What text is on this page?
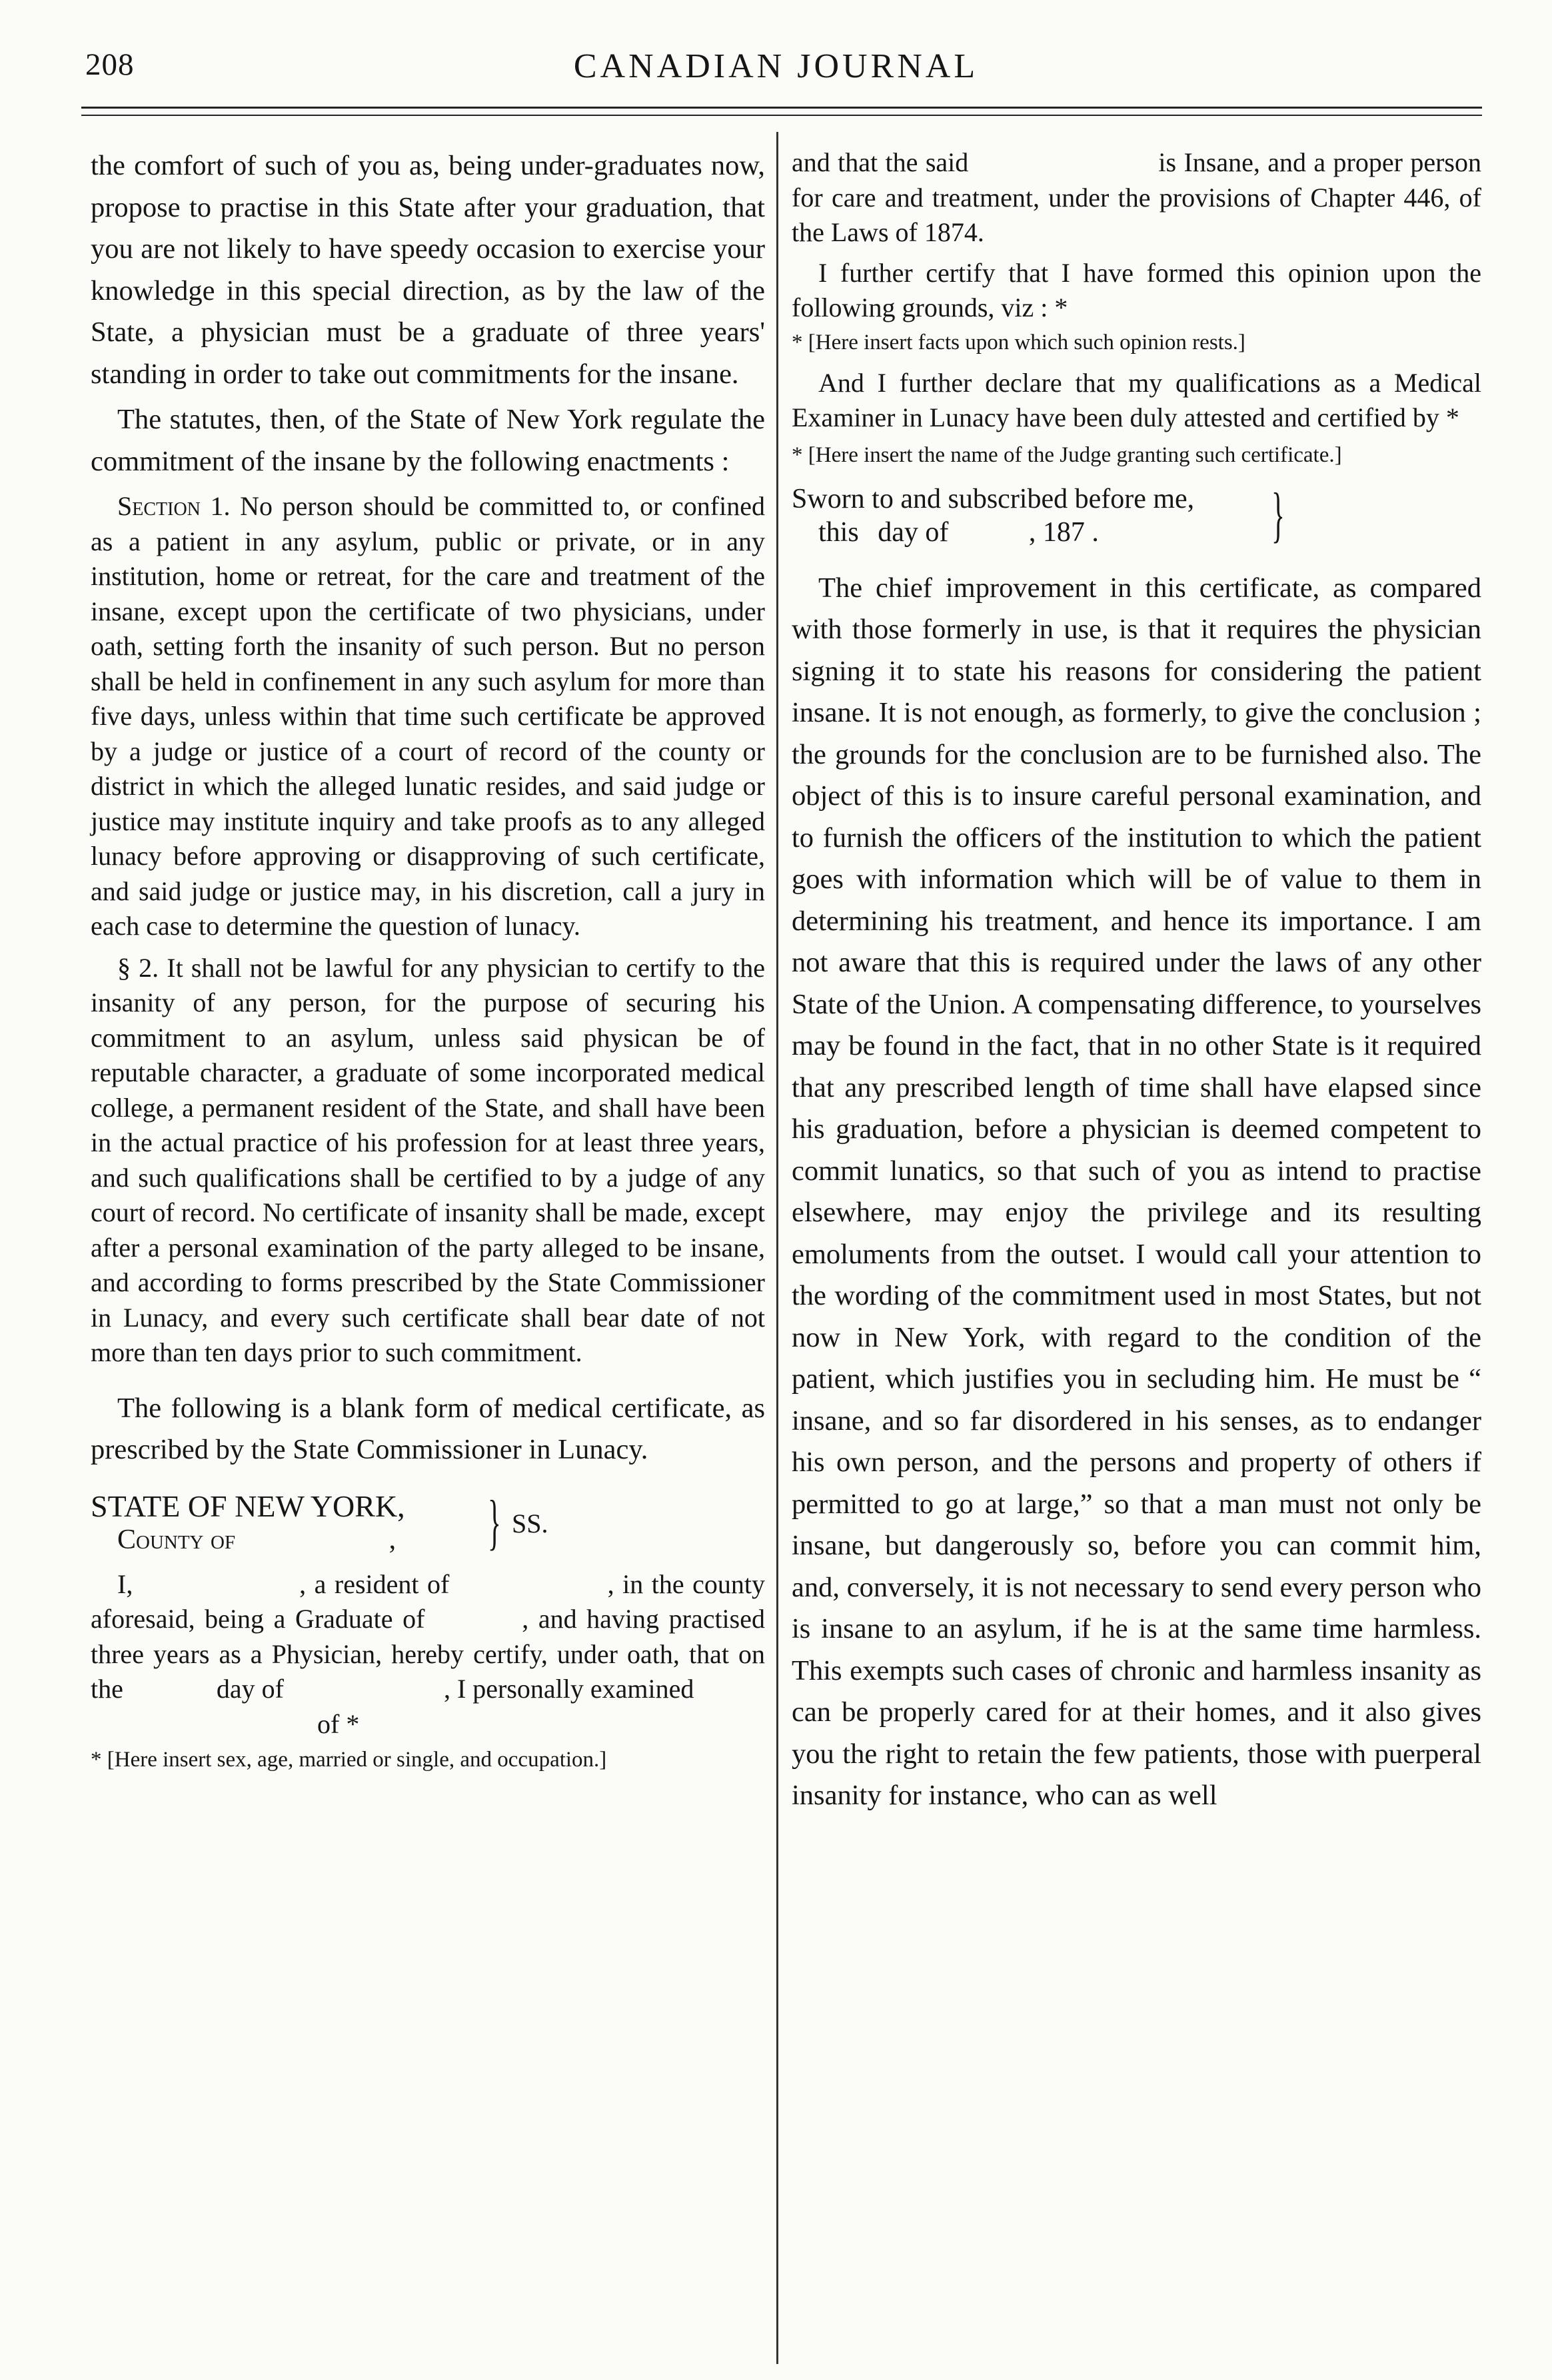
208	CANADIAN JOURNAL

the comfort of such of you as, being under-graduates now, propose to practise in this State after your graduation, that you are not likely to have speedy occasion to exercise your knowledge in this special direction, as by the law of the State, a physician must be a graduate of three years' standing in order to take out commitments for the insane.

The statutes, then, of the State of New York regulate the commitment of the insane by the following enactments :

Section 1. No person should be committed to, or confined as a patient in any asylum, public or private, or in any institution, home or retreat, for the care and treatment of the insane, except upon the certificate of two physicians, under oath, setting forth the insanity of such person. But no person shall be held in confinement in any such asylum for more than five days, unless within that time such certificate be approved by a judge or justice of a court of record of the county or district in which the alleged lunatic resides, and said judge or justice may institute inquiry and take proofs as to any alleged lunacy before approving or disapproving of such certificate, and said judge or justice may, in his discretion, call a jury in each case to determine the question of lunacy.

§ 2. It shall not be lawful for any physician to certify to the insanity of any person, for the purpose of securing his commitment to an asylum, unless said physican be of reputable character, a graduate of some incorporated medical college, a permanent resident of the State, and shall have been in the actual practice of his profession for at least three years, and such qualifications shall be certified to by a judge of any court of record. No certificate of insanity shall be made, except after a personal examination of the party alleged to be insane, and according to forms prescribed by the State Commissioner in Lunacy, and every such certificate shall bear date of not more than ten days prior to such commitment.

The following is a blank form of medical certificate, as prescribed by the State Commissioner in Lunacy.

STATE OF NEW YORK,
County of	,	} SS.

I,                    , a resident of                   , in the county aforesaid, being a Graduate of          , and having practised three years as a Physician, hereby certify, under oath, that on the              day of                        , I personally examined

of *

* [Here insert sex, age, married or single, and occupation.]

and that the said                         is Insane, and a proper person for care and treatment, under the provisions of Chapter 446, of the Laws of 1874.

I further certify that I have formed this opinion upon the following grounds, viz : *

* [Here insert facts upon which such opinion rests.]

And I further declare that my qualifications as a Medical Examiner in Lunacy have been duly attested and certified by *

* [Here insert the name of the Judge granting such certificate.]

Sworn to and subscribed before me,
this day of	, 187 .	}

The chief improvement in this certificate, as compared with those formerly in use, is that it requires the physician signing it to state his reasons for considering the patient insane. It is not enough, as formerly, to give the conclusion ; the grounds for the conclusion are to be furnished also. The object of this is to insure careful personal examination, and to furnish the officers of the institution to which the patient goes with information which will be of value to them in determining his treatment, and hence its importance. I am not aware that this is required under the laws of any other State of the Union. A compensating difference, to yourselves may be found in the fact, that in no other State is it required that any prescribed length of time shall have elapsed since his graduation, before a physician is deemed competent to commit lunatics, so that such of you as intend to practise elsewhere, may enjoy the privilege and its resulting emoluments from the outset. I would call your attention to the wording of the commitment used in most States, but not now in New York, with regard to the condition of the patient, which justifies you in secluding him. He must be “ insane, and so far disordered in his senses, as to endanger his own person, and the persons and property of others if permitted to go at large,” so that a man must not only be insane, but dangerously so, before you can commit him, and, conversely, it is not necessary to send every person who is insane to an asylum, if he is at the same time harmless. This exempts such cases of chronic and harmless insanity as can be properly cared for at their homes, and it also gives you the right to retain the few patients, those with puerperal insanity for instance, who can as well
